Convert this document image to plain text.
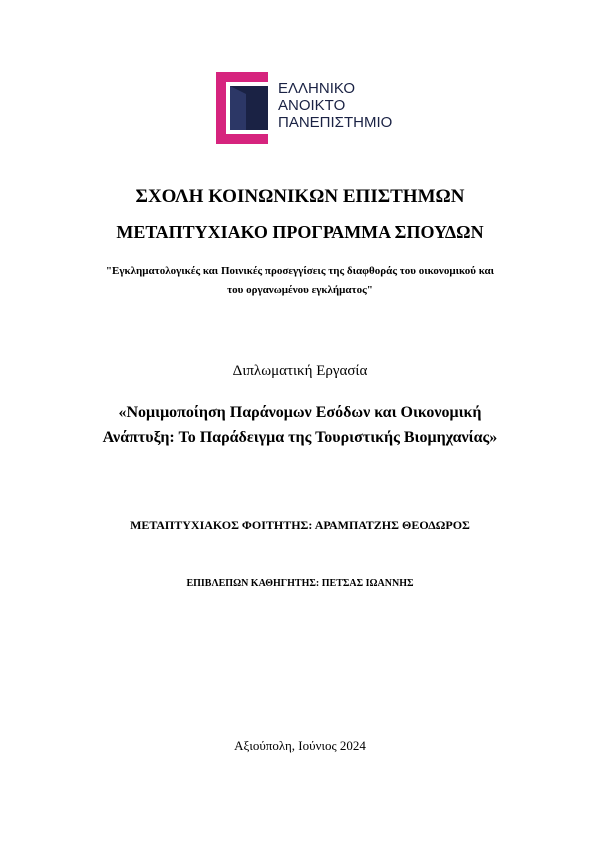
ΕΛΛΗΝΙΚΟ
ΑΝΟΙΚΤΟ
ΠΑΝΕΠΙΣΤΗΜΙΟ
ΣΧΟΛΗ ΚΟΙΝΩΝΙΚΩΝ ΕΠΙΣΤΗΜΩΝ
ΜΕΤΑΠΤΥΧΙΑΚΟ ΠΡΟΓΡΑΜΜΑ ΣΠΟΥΔΩΝ
"Εγκληματολογικές και Ποινικές προσεγγίσεις της διαφθοράς του οικονομικού και
του οργανωμένου εγκλήματος"
Διπλωματική Εργασία
«Νομιμοποίηση Παράνομων Εσόδων και Οικονομική
Ανάπτυξη: Το Παράδειγμα της Τουριστικής Βιομηχανίας»
ΜΕΤΑΠΤΥΧΙΑΚΟΣ ΦΟΙΤΗΤΗΣ: ΑΡΑΜΠΑΤΖΗΣ ΘΕΟΔΩΡΟΣ
ΕΠΙΒΛΕΠΩΝ ΚΑΘΗΓΗΤΗΣ: ΠΕΤΣΑΣ ΙΩΑΝΝΗΣ
Αξιούπολη, Ιούνιος 2024
